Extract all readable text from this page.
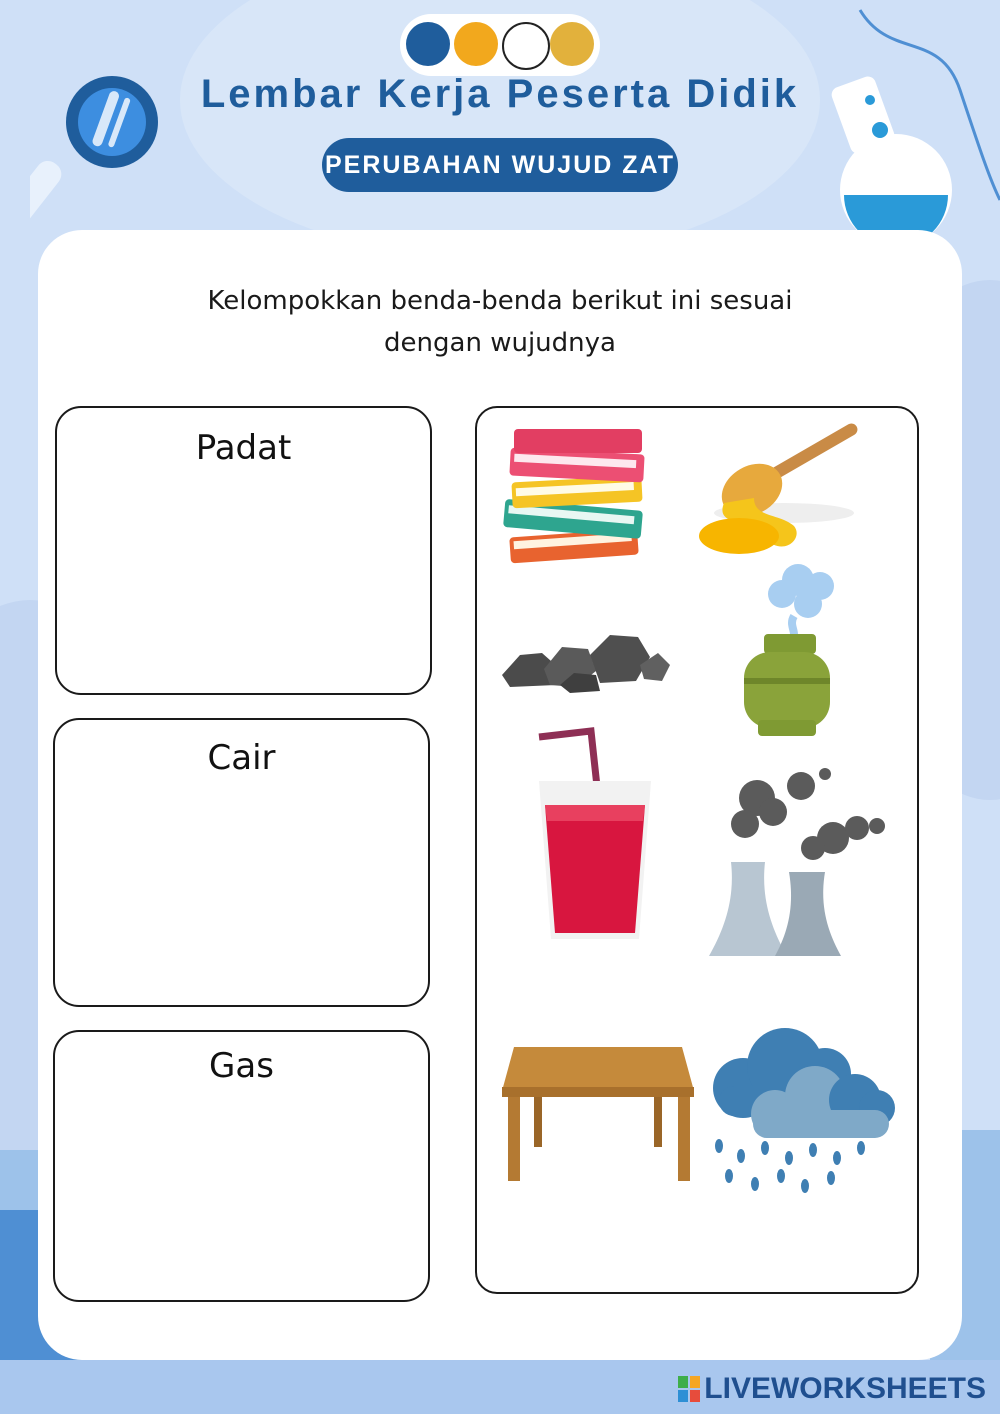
Lembar Kerja Peserta Didik
PERUBAHAN WUJUD ZAT
Kelompokkan benda-benda berikut ini sesuai
dengan wujudnya
Padat
Cair
Gas
LIVEWORKSHEETS
